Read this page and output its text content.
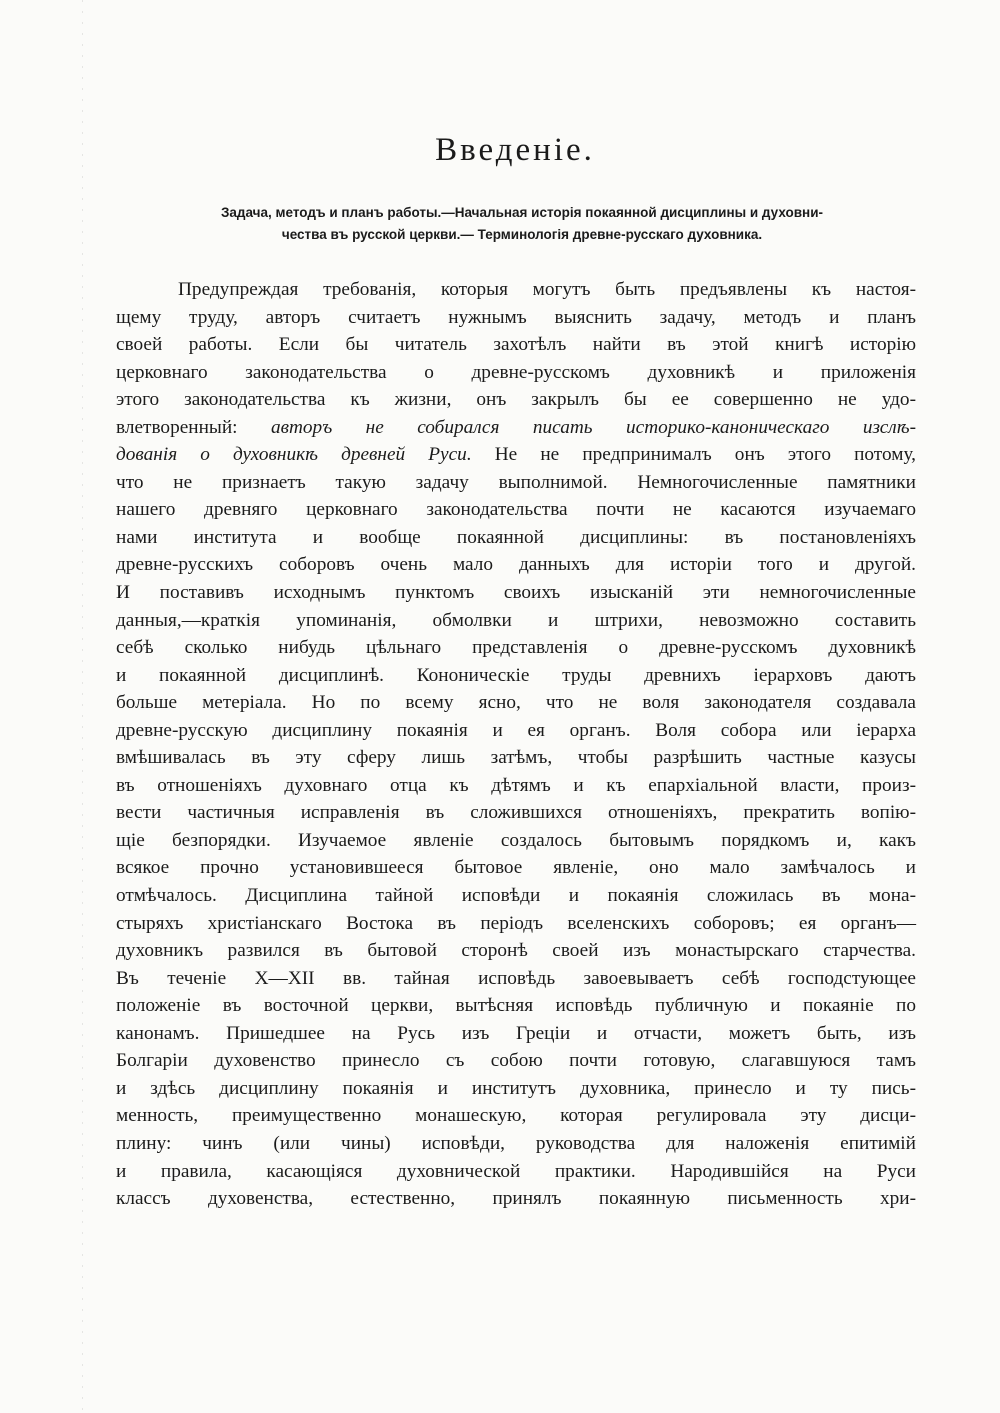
Введеніе.
Задача, методъ и планъ работы.—Начальная исторія покаянной дисциплины и духовни-
чества въ русской церкви.— Терминологія древне-русскаго духовника.
Предупреждая требованія, которыя могутъ быть предъявлены къ настоя-
щему труду, авторъ считаетъ нужнымъ выяснить задачу, методъ и планъ
своей работы. Если бы читатель захотѣлъ найти въ этой книгѣ исторію
церковнаго законодательства о древне-русскомъ духовникѣ и приложенія
этого законодательства къ жизни, онъ закрылъ бы ее совершенно не удо-
влетворенный: авторъ не собирался писать историко-каноническаго изслѣ-
дованія о духовникѣ древней Руси. Не не предпринималъ онъ этого потому,
что не признаетъ такую задачу выполнимой. Немногочисленные памятники
нашего древняго церковнаго законодательства почти не касаются изучаемаго
нами института и вообще покаянной дисциплины: въ постановленіяхъ
древне-русскихъ соборовъ очень мало данныхъ для исторіи того и другой.
И поставивъ исходнымъ пунктомъ своихъ изысканій эти немногочисленные
данныя,—краткія упоминанія, обмолвки и штрихи, невозможно составить
себѣ сколько нибудь цѣльнаго представленія о древне-русскомъ духовникѣ
и покаянной дисциплинѣ. Кононическіе труды древнихъ іерарховъ даютъ
больше метеріала. Но по всему ясно, что не воля законодателя создавала
древне-русскую дисциплину покаянія и ея органъ. Воля собора или іерарха
вмѣшивалась въ эту сферу лишь затѣмъ, чтобы разрѣшить частные казусы
въ отношеніяхъ духовнаго отца къ дѣтямъ и къ епархіальной власти, произ-
вести частичныя исправленія въ сложившихся отношеніяхъ, прекратить вопію-
щіе безпорядки. Изучаемое явленіе создалось бытовымъ порядкомъ и, какъ
всякое прочно установившееся бытовое явленіе, оно мало замѣчалось и
отмѣчалось. Дисциплина тайной исповѣди и покаянія сложилась въ мона-
стыряхъ христіанскаго Востока въ періодъ вселенскихъ соборовъ; ея органъ—
духовникъ развился въ бытовой сторонѣ своей изъ монастырскаго старчества.
Въ теченіе X—XII вв. тайная исповѣдь завоевываетъ себѣ господстующее
положеніе въ восточной церкви, вытѣсняя исповѣдь публичную и покаяніе по
канонамъ. Пришедшее на Русь изъ Греціи и отчасти, можетъ быть, изъ
Болгаріи духовенство принесло съ собою почти готовую, слагавшуюся тамъ
и здѣсь дисциплину покаянія и институтъ духовника, принесло и ту пись-
менность, преимущественно монашескую, которая регулировала эту дисци-
плину: чинъ (или чины) исповѣди, руководства для наложенія епитимій
и правила, касающіяся духовнической практики. Народившійся на Руси
классъ духовенства, естественно, принялъ покаянную письменность хри-
